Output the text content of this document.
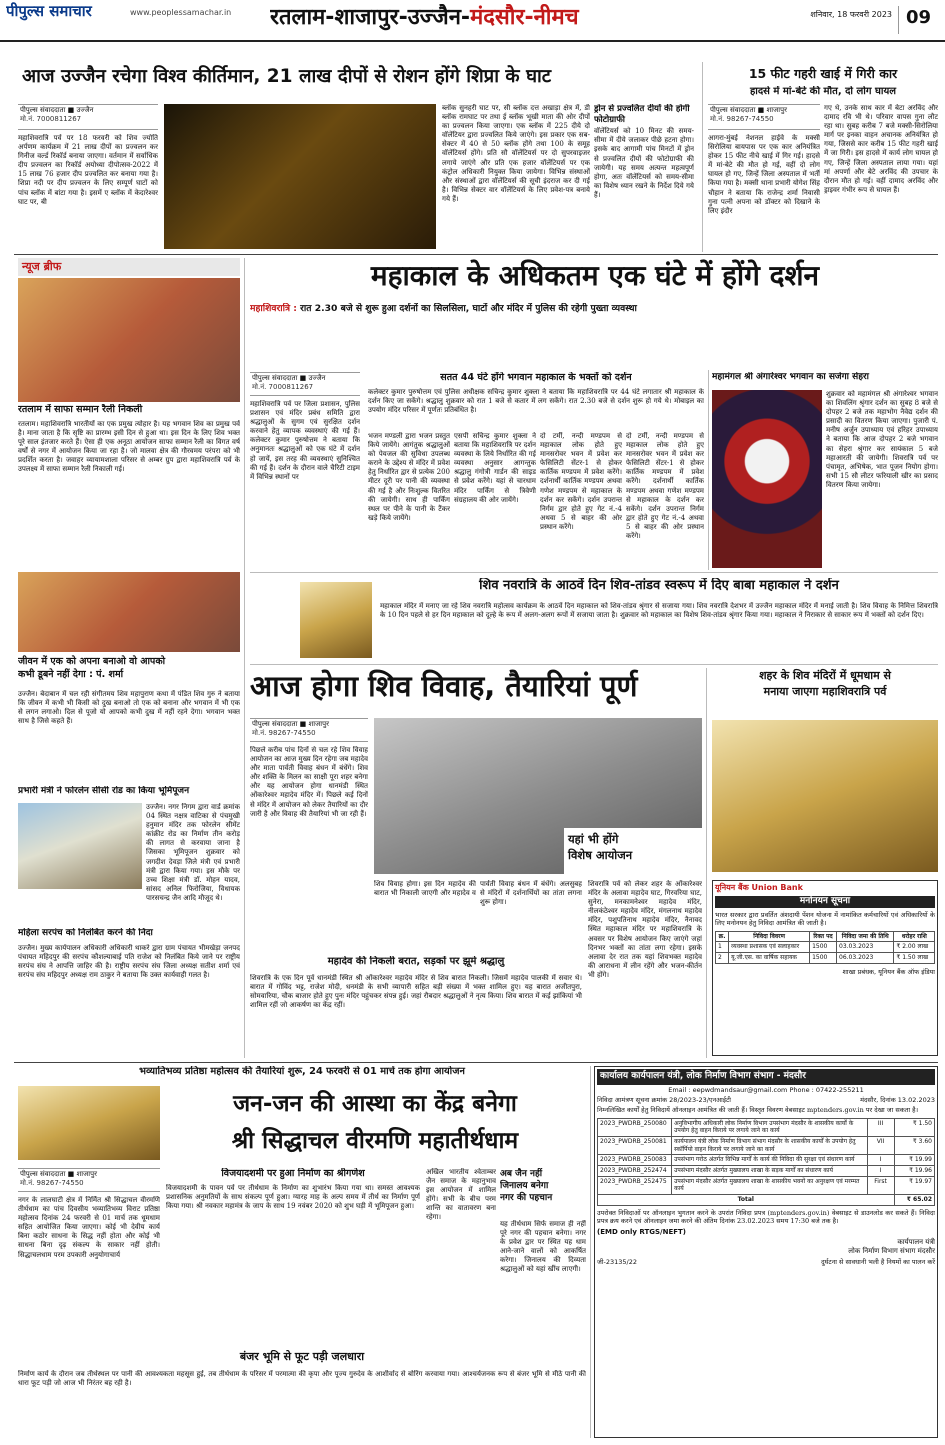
पीपुल्स समाचार	www.peoplessamachar.in	रतलाम-शाजापुर-उज्जैन-मंदसौर-नीमच	शनिवार, 18 फरवरी 2023 09
आज उज्जैन रचेगा विश्व कीर्तिमान, 21 लाख दीपों से रोशन होंगे शिप्रा के घाट
पीपुल्स संवाददाता ■ उज्जैन
मो.नं. 7000811267
महाशिवरात्रि पर्व पर 18 फरवरी को शिव ज्योति अर्पणम कार्यक्रम में 21 लाख दीपों का प्रज्वलन कर गिनीज वर्ल्ड रिकॉर्ड बनाया जाएगा। वर्तमान में सर्वाधिक दीप प्रज्वलन का रिकॉर्ड अयोध्या दीपोत्सव-2022 में 15 लाख 76 हजार दीप प्रज्वलित कर बनाया गया है। शिप्रा नदी पर दीप प्रज्वलन के लिए सम्पूर्ण घाटों को पांच ब्लॉक में बांटा गया है। इसमें ए ब्लॉक में केदारेश्वर घाट पर, बी
ब्लॉक सुनहरी घाट पर, सी ब्लॉक दत्त अखाड़ा क्षेत्र में, डी ब्लॉक रामघाट पर तथा ई ब्लॉक भूखी माता की ओर दीपों का प्रज्वलन किया जाएगा। एक ब्लॉक में 225 दीये दो वॉलेंटियर द्वारा प्रज्वलित किये जाएंगे। इस प्रकार एक सब-सेक्टर में 40 से 50 ब्लॉक होंगे तथा 100 के समूह वॉलेंटियर्स होंगे। प्रति सौ वॉलेंटियर्स पर दो सुपरवाइजर लगाये जाएंगे और प्रति एक हजार वॉलेंटियर्स पर एक कंट्रोल अधिकारी नियुक्त किया जायेगा। विभिन्न संस्थाओं और संस्थाओं द्वारा वॉलेंटियर्स की सूची इंदराज कर दी गई है। विभिन्न सेक्टर वार वॉलेंटियर्स के लिए प्रवेश-पत्र बनाये गये हैं।
ड्रोन से प्रज्वलित दीयों की होगी फोटोग्राफी
वॉलेंटियर्स को 10 मिनट की समय-सीमा में दीये जलाकर पीछे हटना होगा। इसके बाद आगामी पांच मिनटों में ड्रोन से प्रज्वलित दीयों की फोटोग्राफी की जायेगी। यह समय अत्यन्त महत्वपूर्ण होगा, अतः वॉलेंटियर्स को समय-सीमा का विशेष ध्यान रखने के निर्देश दिये गये हैं।
15 फीट गहरी खाई में गिरी कार
हादसे में मां-बेटे की मौत, दो लोग घायल
पीपुल्स संवाददाता ■ शाजापुर
मो.नं. 98267-74550
आगरा-मुंबई नेशनल हाईवे के मक्सी सिरोलिया बायपास पर एक कार अनियंत्रित होकर 15 फीट नीचे खाई में गिर गई। हादसे में मां-बेटे की मौत हो गई, वहीं दो लोग घायल हो गए, जिन्हें जिला अस्पताल में भर्ती किया गया है। मक्सी थाना प्रभारी योगेश सिंह चौहान ने बताया कि राजेन्द्र शर्मा निवासी गुना पत्नी अपना को डॉक्टर को दिखाने के लिए इंदौर
गए थे, उनके साथ कार में बेटा अरविंद और दामाद रवि भी थे। परिवार वापस गुना लौट रहा था। सुबह करीब 7 बजे मक्सी-सिरोलिया मार्ग पर इनका वाहन अचानक अनियंत्रित हो गया, जिससे कार करीब 15 फीट गहरी खाई में जा गिरी। इस हादसे में कार्य लोग घायल हो गए, जिन्हें जिला अस्पताल लाया गया। यहां मां अपर्णा और बेटे अरविंद की उपचार के दौरान मौत हो गई। वहीं दामाद अरविंद और ड्राइवर गंभीर रूप से घायल हैं।
न्यूज ब्रीफ
रतलाम में साफा सम्मान रैली निकली
रतलाम। महाशिवरात्रि भारतीयों का एक प्रमुख त्योहार है। यह भगवान शिव का प्रमुख पर्व है। माना जाता है कि सृष्टि का प्रारम्भ इसी दिन से हुआ था। इस दिन के लिए शिव भक्त पूरे साल इंतजार करते हैं। ऐसा ही एक अनूठा आयोजन साफा सम्मान रैली का विगत वर्ष वर्षों से नगर में आयोजन किया जा रहा है। जो मालवा क्षेत्र की गौरवमय परंपरा को भी प्रदर्शित करता है। जवाहर व्यायामशाला परिसर से अम्बर ग्रुप द्वारा महाशिवरात्रि पर्व के उपलक्ष्य में साफा सम्मान रैली निकाली गई।
जीवन में एक को अपना बनाओ वो आपको
कभी डूबने नहीं देगा : पं. शर्मा
उज्जैन। बेदाबान में चल रही संगीतमय शिव महापुराण कथा में पंडित शिव गुरु ने बताया कि जीवन में कभी भी किसी को दुख बनाओ तो एक को बनाना और भगवान में भी एक से लगन लगाओ। दिल से पूजो यो आपको कभी दुख में नहीं रहने देगा। भगवान भक्त साथ है जिसे कहते हैं।
प्रभारी मंत्री ने फोरलेन सीसी रोड का किया भूमिपूजन
उज्जैन। नगर निगम द्वारा वार्ड क्रमांक 04 स्थित नक्षत्र वाटिका से पंचमुखी हनुमान मंदिर तक फोरलेन सीमेंट कांक्रीट रोड का निर्माण तीन करोड़ की लागत से करवाया जाना है जिसका भूमिपूजन शुक्रवार को जगदीश देवड़ा जिले मंत्री एवं प्रभारी मंत्री द्वारा किया गया। इस मौके पर उच्च शिक्षा मंत्री डॉ. मोहन यादव, सांसद अनिल फिरोजिया, विधायक पारसचन्द्र जैन आदि मौजूद थे।
महिला सरपंच को निलंबित करने की निंदा
उज्जैन। मुख्य कार्यपालन अधिकारी अधिकारी थाकरे द्वारा ग्राम पंचायत भीमखेड़ा जनपद पंचायत महिदपुर की सरपंच कौशल्याबाई पति राजेश को निलंबित किये जाने पर राष्ट्रीय सरपंच संघ ने आपत्ति जाहिर की है। राष्ट्रीय सरपंच संघ जिला अध्यक्ष सतीश शर्मा एवं सरपंच संघ महिदपुर अध्यक्ष राम ठाकुर ने बताया कि उक्त कार्यवाही गलत है।
महाकाल के अधिकतम एक घंटे में होंगे दर्शन
महाशिवरात्रि : रात 2.30 बजे से शुरू हुआ दर्शनों का सिलसिला, घाटों और मंदिर में पुलिस की रहेगी पुख्ता व्यवस्था
पीपुल्स संवाददाता ■ उज्जैन
मो.नं. 7000811267
सतत 44 घंटे होंगे भगवान महाकाल के भक्तों को दर्शन
कलेक्टर कुमार पुरुषोत्तम एवं पुलिस अधीक्षक सचिन्द्र कुमार शुक्ला ने बताया कि महाशिवरात्रि पर 44 घंटे लगातार श्री महाकाल के दर्शन किए जा सकेंगे। श्रद्धालु शुक्रवार को रात 1 बजे से कतार में लग सकेंगे। रात 2.30 बजे से दर्शन शुरू हो गये थे। मोबाइल का उपयोग मंदिर परिसर में पूर्णतः प्रतिबंधित है।
महाशिवरात्रि पर्व पर जिला प्रशासन, पुलिस प्रशासन एवं मंदिर प्रबंध समिति द्वारा श्रद्धालुओं के सुगम एवं सुरक्षित दर्शन करवाने हेतु व्यापक व्यवस्थाएं की गई हैं। कलेक्टर कुमार पुरुषोत्तम ने बताया कि अनुमानतः श्रद्धालुओं को एक घंटे में दर्शन हो जायें, इस तरह की व्यवस्थाएं सुनिश्चित की गई हैं। दर्शन के दौरान वाले चैरिटी टाइम में विभिन्न स्थानों पर
भजन मण्डली द्वारा भजन प्रस्तुत किये जायेंगे। आगंतुक श्रद्धालुओं को पेयजल की सुविधा उपलब्ध कराने के उद्देश्य से मंदिर में प्रवेश हेतु निर्धारित द्वार से प्रत्येक 200 मीटर दूरी पर पानी की व्यवस्था की गई है और निःशुल्क वितरित की जायेगी। साथ ही पार्किंग स्थल पर पीने के पानी के टैंकर खड़े किये जायेंगे।
एसपी सचिन्द्र कुमार शुक्ला ने बताया कि महाशिवरात्रि पर दर्शन व्यवस्था के लिये निर्धारित की गई व्यवस्था अनुसार आगन्तुक श्रद्धालु गंगोत्री गार्डन की साइड से प्रवेश करेंगे। यहां से चारधाम मंदिर पार्किंग से त्रिवेणी संग्रहालय की ओर जायेंगे।
दो टर्मी, नन्दी मण्डपम से महाकाल लोक होते हुए मानसरोवर भवन में प्रवेश कर फेसिलिटी सेंटर-1 से होकर कार्तिक मण्डपम में प्रवेश करेंगे। दर्शनार्थी कार्तिक मण्डपम अथवा गणेश मण्डपम से महाकाल के दर्शन कर सकेंगे। दर्शन उपरान्त निर्गम द्वार होते हुए गेट नं.-4 अथवा 5 से बाहर की ओर प्रस्थान करेंगे।
दो टर्मी, नन्दी मण्डपम से महाकाल लोक होते हुए मानसरोवर भवन में प्रवेश कर फेसिलिटी सेंटर-1 से होकर कार्तिक मण्डपम में प्रवेश करेंगे। दर्शनार्थी कार्तिक मण्डपम अथवा गणेश मण्डपम से महाकाल के दर्शन कर सकेंगे। दर्शन उपरान्त निर्गम द्वार होते हुए गेट नं.-4 अथवा 5 से बाहर की ओर प्रस्थान करेंगे।
महामंगल श्री अंगारेश्वर भगवान का सजेगा सेहरा
शुक्रवार को महामंगल श्री अंगारेश्वर भगवान का शिवलिंग श्रृंगार दर्शन का सुबह 8 बजे से दोपहर 2 बजे तक महाभोग नैवेद्य दर्शन की प्रसादी का वितरण किया जाएगा। पुजारी पं. मनीष अर्जुन उपाध्याय एवं हरिहर उपाध्याय ने बताया कि आज दोपहर 2 बजे भगवान का सेहरा श्रृंगार कर सायंकाल 5 बजे महाआरती की जायेगी। शिवरात्रि पर्व पर पंचामृत, अभिषेक, भात पूजन नियोग होगा। सभी 15 सौ लीटर फरियाली खीर का प्रसाद वितरण किया जायेगा।
शिव नवरात्रि के आठवें दिन शिव-तांडव स्वरूप में दिए बाबा महाकाल ने दर्शन
महाकाल मंदिर में मनाए जा रहे शिव नवरात्रि महोत्सव कार्यक्रम के आठवें दिन महाकाल को शिव-तांडव श्रृंगार से सजाया गया। शिव नवरात्रि देशभर में उज्जैन महाकाल मंदिर में मनाई जाती है। शिव विवाह के निमित्त शिवरात्रि के 10 दिन पहले से हर दिन महाकाल को दूल्हे के रूप में अलग-अलग रूपों में सजाया जाता है। शुक्रवार को महाकाल का विशेष शिव-तांडव श्रृंगार किया गया। महाकाल ने निराकार से साकार रूप में भक्तों को दर्शन दिए।
आज होगा शिव विवाह, तैयारियां पूर्ण
पीपुल्स संवाददाता ■ शाजापुर
मो.नं. 98267-74550
पिछले करीब पांच दिनों से चल रहे शिव विवाह आयोजन का आज मुख्य दिन रहेगा जब महादेव और माता पार्वती विवाह बंधन में बंधेंगे। शिव और शक्ति के मिलन का साक्षी पूरा शहर बनेगा और यह आयोजन होगा धानमंडी स्थित ओंकारेश्वर महादेव मंदिर में। पिछले कई दिनों से मंदिर में आयोजन को लेकर तैयारियों का दौर जारी है और विवाह की तैयारियां भी जा रही हैं।
यहां भी होंगे
विशेष आयोजन
शिव विवाह होगा। इस दिन महादेव की बारात भी निकाली जाएगी और महादेव व
पार्वती विवाह बंधन में बंधेंगे। अलसुबह से मंदिरों में दर्शनार्थियों का तांता लगना शुरू होगा।
शिवरात्रि पर्व को लेकर शहर के ओंकारेश्वर मंदिर के अलावा महादेव घाट, गिरवरिया घाट, सुनेरा, मनकामनेश्वर महादेव मंदिर, नीलकंठेश्वर महादेव मंदिर, मंगलनाथ महादेव मंदिर, पशुपतिनाथ महादेव मंदिर, नैनावद स्थित महाकाल मंदिर पर महाशिवरात्रि के अवसर पर विशेष आयोजन किए जाएंगे जहां दिनभर भक्तों का तांता लगा रहेगा। इसके अलावा देर रात तक यहां शिवभक्त महादेव की आराधना में लीन रहेंगे और भजन-कीर्तन भी होंगे।
महादेव की निकली बरात, सड़कों पर झूमे श्रद्धालु
शिवरात्रि के एक दिन पूर्व धानमंडी स्थित श्री ओंकारेश्वर महादेव मंदिर से शिव बारात निकली। जिसमें महादेव पालकी में सवार थे। बारात में गोविंद भट्ट, राजेश मोदी, धनमंडी के सभी व्यापारी सहित बड़ी संख्या में भक्त शामिल हुए। यह बारात अजीतपुरा, सोमवारिया, चौक बाजार होते हुए पुनः मंदिर पहुंचकर संपन्न हुई। जहां रौबदार श्रद्धालुओं ने नृत्य किया। शिव बारात में कई झांकियां भी शामिल रहीं जो आकर्षण का केंद्र रहीं।
शहर के शिव मंदिरों में धूमधाम से
मनाया जाएगा महाशिवरात्रि पर्व
यूनियन बैंक Union Bank
मनोनयन सूचना
भारत सरकार द्वारा प्रवर्तित अंशदायी पेंशन योजना में नामांकित कर्मचारियों एवं अधिकारियों के लिए मनोनयन हेतु निविदा आमंत्रित की जाती है।
क्र.	निविदा विवरण	रिक्त पद	निविदा जमा की तिथि	धरोहर राशि
1	व्यवस्था प्रशासक एवं सलाहकार	1500	03.03.2023	₹ 2.00 लाख
2	यू.जी.एस. का वार्षिक सहायक	1500	06.03.2023	₹ 1.50 लाख
शाखा प्रबंधक, यूनियन बैंक ऑफ इंडिया
भव्यातिभव्य प्रतिष्ठा महोत्सव की तैयारियां शुरू, 24 फरवरी से 01 मार्च तक होगा आयोजन
जन-जन की आस्था का केंद्र बनेगा
श्री सिद्धाचल वीरमणि महातीर्थधाम
पीपुल्स संवाददाता ■ शाजापुर
मो.नं. 98267-74550
नगर के लालघाटी क्षेत्र में निर्मित श्री सिद्धाचल वीरमणि तीर्थधाम का पांच दिवसीय भव्यातिभव्य विराट प्रतिष्ठा महोत्सव दिनांक 24 फरवरी से 01 मार्च तक धूमधाम सहित आयोजित किया जाएगा। कोई भी देवीय कार्य बिना कठोर साधना के सिद्ध नहीं होता और कोई भी साधना बिना दृढ़ संकल्प के साकार नहीं होती। सिद्धाचलधाम परम उपकारी अनुयोगाचार्य
विजयादशमी पर हुआ निर्माण का श्रीगणेश
विजयादशमी के पावन पर्व पर तीर्थधाम के निर्माण का शुभारंभ किया गया था। समस्त आवश्यक प्रशासनिक अनुमतियों के साथ संकल्प पूर्ण हुआ। ग्यारह माह के अल्प समय में तीर्थ का निर्माण पूर्ण किया गया। श्री नवकार महामंत्र के जाप के साथ 19 नवंबर 2020 को शुभ घड़ी में भूमिपूजन हुआ।
अखिल भारतीय श्वेताम्बर जैन समाज के महानुभाव इस आयोजन में शामिल होंगे। सभी के बीच परम शान्ति का वातावरण बना रहेगा।
अब जैन नहीं
जिनालय बनेगा
नगर की पहचान
यह तीर्थधाम सिर्फ समाज ही नहीं पूरे नगर की पहचान बनेगा। नगर के प्रवेश द्वार पर स्थित यह धाम आने-जाने वालों को आकर्षित करेगा। जिनालय की दिव्यता श्रद्धालुओं को यहां खींच लाएगी।
बंजर भूमि से फूट पड़ी जलधारा
निर्माण कार्य के दौरान जब तीर्थस्थल पर पानी की आवश्यकता महसूस हुई, तब तीर्थधाम के परिसर में परमात्मा की कृपा और पूज्य गुरुदेव के आशीर्वाद से बोरिंग करवाया गया। आश्चर्यजनक रूप से बंजर भूमि से मीठे पानी की धारा फूट पड़ी जो आज भी निरंतर बह रही है।
कार्यालय कार्यपालन यंत्री, लोक निर्माण विभाग संभाग - मंदसौर
Email : eepwdmandsaur@gmail.com Phone : 07422-255211
निविदा आमंत्रण सूचना क्रमांक 28/2023-23/एनआईटी	मंदसौर, दिनांक 13.02.2023
निम्नलिखित कार्यों हेतु निविदायें ऑनलाइन आमंत्रित की जाती हैं। विस्तृत विवरण वेबसाइट mptenders.gov.in पर देखा जा सकता है।
2023_PWDRB_250080	अनुविभागीय अधिकारी लोक निर्माण विभाग उपसंभाग मंदसौर के शासकीय कार्यों के उपयोग हेतु वाहन किराये पर लगाये जाने का कार्य	III	₹ 1.50
2023_PWDRB_250081	कार्यपालन यंत्री लोक निर्माण विभाग संभाग मंदसौर के शासकीय कार्यों के उपयोग हेतु स्कॉर्पियो वाहन किराये पर लगाये जाने का कार्य	VII	₹ 3.60
2023_PWDRB_250083	उपसंभाग गरोठ अंतर्गत विभिन्न मार्गों के कार्य की निविदा की सुरक्षा एवं संधारण कार्य	I	₹ 19.99
2023_PWDRB_252474	उपसंभाग मंदसौर अंतर्गत मुख्यालय शाखा के सड़क मार्गों का संधारण कार्य	I	₹ 19.96
2023_PWDRB_252475	उपसंभाग मंदसौर अंतर्गत मुख्यालय शाखा के शासकीय भवनों का अनुरक्षण एवं मरम्मत कार्य	First	₹ 19.97
Total			₹ 65.02
उपरोक्त निविदाओं पर ऑनलाइन भुगतान करने के उपरांत निविदा प्रपत्र (mptenders.gov.in) वेबसाइट से डाउनलोड कर सकते हैं। निविदा प्रपत्र क्रय करने एवं ऑनलाइन जमा करने की अंतिम दिनांक 23.02.2023 समय 17:30 बजे तक है।
(EMD only RTGS/NEFT)
कार्यपालन यंत्री
लोक निर्माण विभाग संभाग मंदसौर
जी-23135/22	दुर्घटना से सावधानी भली है नियमों का पालन करें
